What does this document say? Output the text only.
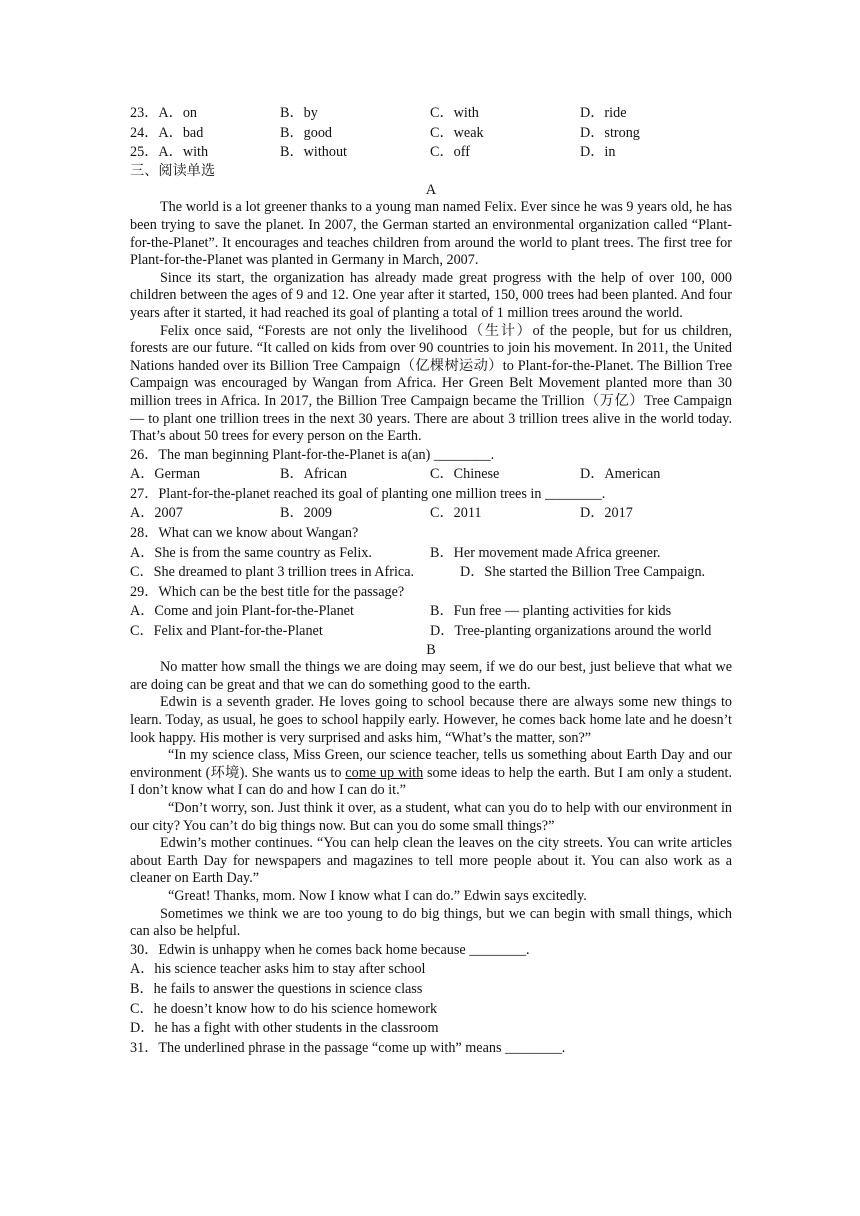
23．A．on	B．by	C．with	D．ride
24．A．bad	B．good	C．weak	D．strong
25．A．with	B．without	C．off	D．in
三、阅读单选
A

The world is a lot greener thanks to a young man named Felix. Ever since he was 9 years old, he has been trying to save the planet. In 2007, the German started an environmental organization called “Plant-for-the-Planet”. It encourages and teaches children from around the world to plant trees. The first tree for Plant-for-the-Planet was planted in Germany in March, 2007.

Since its start, the organization has already made great progress with the help of over 100, 000 children between the ages of 9 and 12. One year after it started, 150, 000 trees had been planted. And four years after it started, it had reached its goal of planting a total of 1 million trees around the world.

Felix once said, “Forests are not only the livelihood（生计）of the people, but for us children, forests are our future. “It called on kids from over 90 countries to join his movement. In 2011, the United Nations handed over its Billion Tree Campaign（亿棵树运动）to Plant-for-the-Planet. The Billion Tree Campaign was encouraged by Wangan from Africa. Her Green Belt Movement planted more than 30 million trees in Africa. In 2017, the Billion Tree Campaign became the Trillion（万亿）Tree Campaign — to plant one trillion trees in the next 30 years. There are about 3 trillion trees alive in the world today. That’s about 50 trees for every person on the Earth.

26．The man beginning Plant-for-the-Planet is a(an) ________.
A．German	B．African	C．Chinese	D．American
27．Plant-for-the-planet reached its goal of planting one million trees in ________.
A．2007	B．2009	C．2011	D．2017
28．What can we know about Wangan?
A．She is from the same country as Felix.	B．Her movement made Africa greener.
C．She dreamed to plant 3 trillion trees in Africa.	D．She started the Billion Tree Campaign.
29．Which can be the best title for the passage?
A．Come and join Plant-for-the-Planet	B．Fun free — planting activities for kids
C．Felix and Plant-for-the-Planet	D．Tree-planting organizations around the world
B

No matter how small the things we are doing may seem, if we do our best, just believe that what we are doing can be great and that we can do something good to the earth.

Edwin is a seventh grader. He loves going to school because there are always some new things to learn. Today, as usual, he goes to school happily early. However, he comes back home late and he doesn’t look happy. His mother is very surprised and asks him, “What’s the matter, son?”

“In my science class, Miss Green, our science teacher, tells us something about Earth Day and our environment (环境). She wants us to come up with some ideas to help the earth. But I am only a student. I don’t know what I can do and how I can do it.”

“Don’t worry, son. Just think it over, as a student, what can you do to help with our environment in our city? You can’t do big things now. But can you do some small things?”

Edwin’s mother continues. “You can help clean the leaves on the city streets. You can write articles about Earth Day for newspapers and magazines to tell more people about it. You can also work as a cleaner on Earth Day.”

“Great! Thanks, mom. Now I know what I can do.” Edwin says excitedly.

Sometimes we think we are too young to do big things, but we can begin with small things, which can also be helpful.

30．Edwin is unhappy when he comes back home because ________.
A．his science teacher asks him to stay after school
B．he fails to answer the questions in science class
C．he doesn’t know how to do his science homework
D．he has a fight with other students in the classroom
31．The underlined phrase in the passage “come up with” means ________.
